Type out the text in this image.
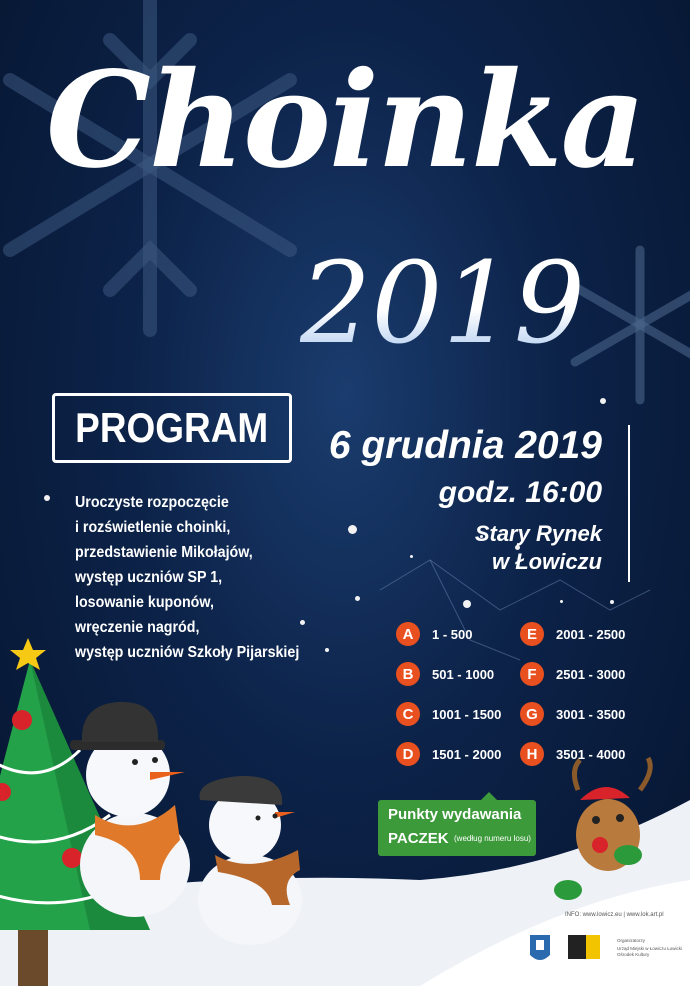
Choinka
2019
PROGRAM 6 grudnia 2019
godz. 16:00
Stary Rynek
w Łowiczu
Uroczyste rozpoczęcie
i rozświetlenie choinki,
przedstawienie Mikołajów,
występ uczniów SP 1,
losowanie kuponów,
wręczenie nagród,
występ uczniów Szkoły Pijarskiej
A	1 - 500
B	501 - 1000
C	1001 - 1500
D	1501 - 2000
E	2001 - 2500
F	2501 - 3000
G	3001 - 3500
H	3501 - 4000
Punkty wydawania
PACZEK (według numeru losu)
INFO: www.lowicz.eu | www.lok.art.pl
Organizatorzy
Urząd Miejski w Łowiczu Łowicki Ośrodek Kultury
